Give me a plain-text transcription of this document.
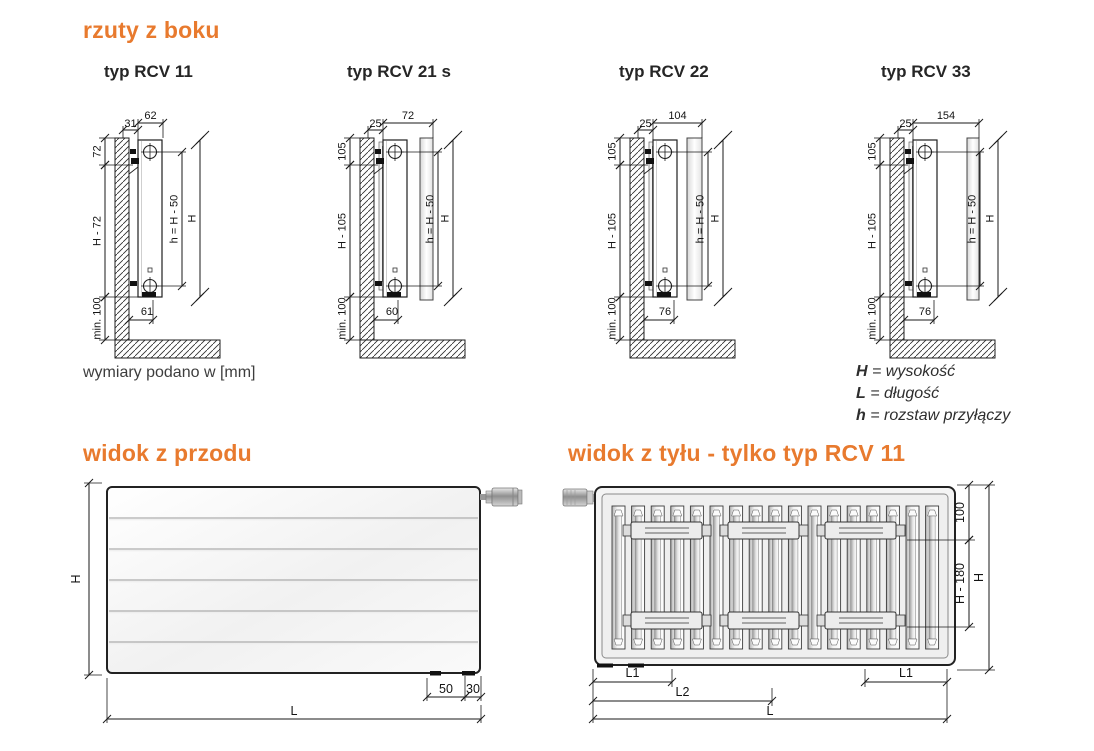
rzuty z boku
typ RCV 11	typ RCV 21 s	typ RCV 22	typ RCV 33
62
31
72
H - 72
min. 100	61
h = H - 50 H
72
25
105
H - 105
min. 100	60
h = H - 50 H
104
25
105
H - 105
min. 100	76
h = H - 50 H
154
25
105
H - 105
min. 100	76
h = H - 50 H
wymiary podano w [mm]	H = wysokość
L = długość
h = rozstaw przyłączy
widok z przodu	widok z tyłu - tylko typ RCV 11
H
50 30
L
100
H - 180 H
L1	L1
L2
L
